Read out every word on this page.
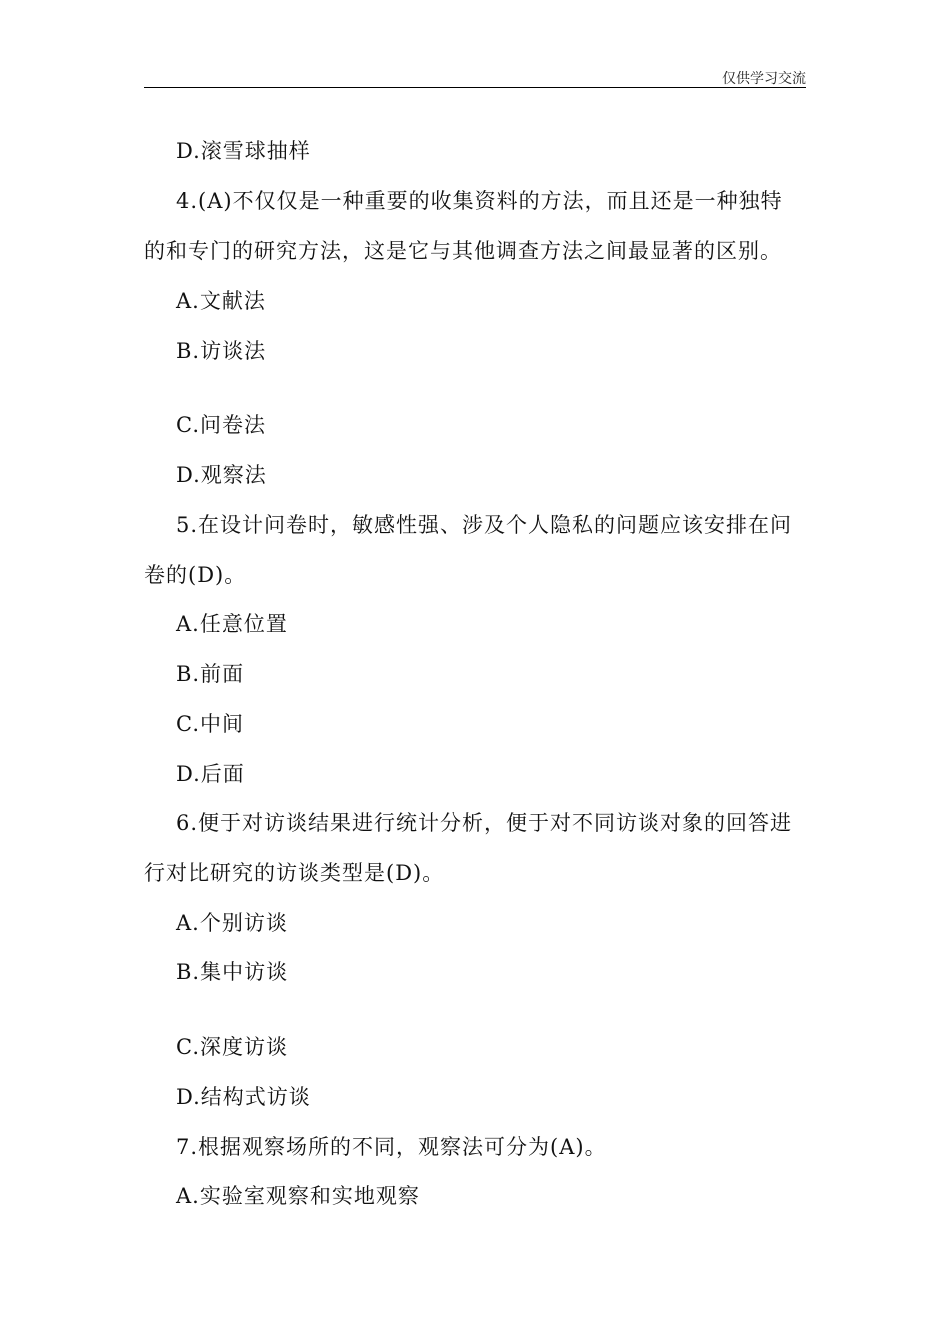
仅供学习交流
D.滚雪球抽样
4.(A)不仅仅是一种重要的收集资料的方法，而且还是一种独特
的和专门的研究方法，这是它与其他调查方法之间最显著的区别。
A.文献法
B.访谈法
C.问卷法
D.观察法
5.在设计问卷时，敏感性强、涉及个人隐私的问题应该安排在问
卷的(D)。
A.任意位置
B.前面
C.中间
D.后面
6.便于对访谈结果进行统计分析，便于对不同访谈对象的回答进
行对比研究的访谈类型是(D)。
A.个别访谈
B.集中访谈
C.深度访谈
D.结构式访谈
7.根据观察场所的不同，观察法可分为(A)。
A.实验室观察和实地观察
